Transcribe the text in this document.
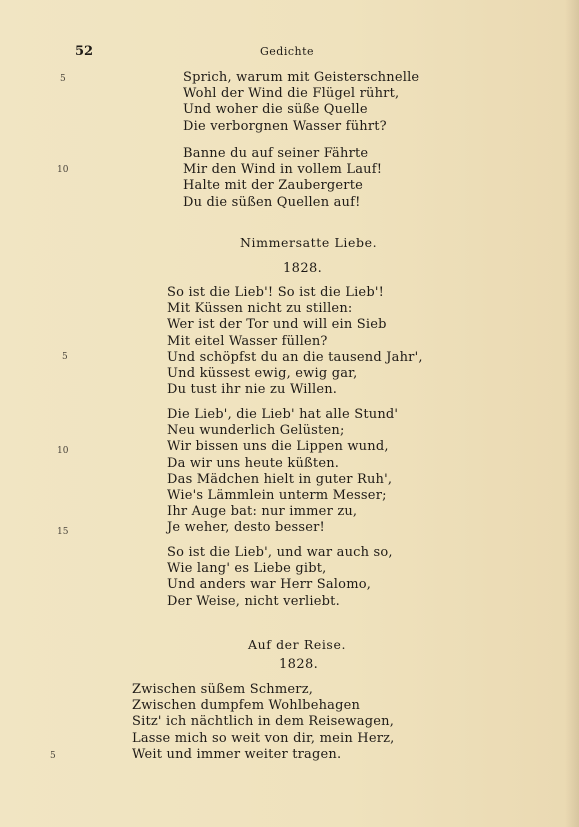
52	Gedichte
5	Sprich, warum mit Geisterschnelle
Wohl der Wind die Flügel rührt,
Und woher die süße Quelle
Die verborgnen Wasser führt?
10
Banne du auf seiner Fährte
Mir den Wind in vollem Lauf!
Halte mit der Zaubergerte
Du die süßen Quellen auf!
Nimmersatte Liebe.
1828.
So ist die Lieb'! So ist die Lieb'!
Mit Küssen nicht zu stillen:
Wer ist der Tor und will ein Sieb
Mit eitel Wasser füllen?
Und schöpfst du an die tausend Jahr',
Und küssest ewig, ewig gar,
Du tust ihr nie zu Willen.
5
Die Lieb', die Lieb' hat alle Stund'
Neu wunderlich Gelüsten;
Wir bissen uns die Lippen wund,
Da wir uns heute küßten.
Das Mädchen hielt in guter Ruh',
Wie's Lämmlein unterm Messer;
Ihr Auge bat: nur immer zu,
Je weher, desto besser!
10
15
So ist die Lieb', und war auch so,
Wie lang' es Liebe gibt,
Und anders war Herr Salomo,
Der Weise, nicht verliebt.
Auf der Reise.
1828.
Zwischen süßem Schmerz,
Zwischen dumpfem Wohlbehagen
Sitz' ich nächtlich in dem Reisewagen,
Lasse mich so weit von dir, mein Herz,
Weit und immer weiter tragen.
5
